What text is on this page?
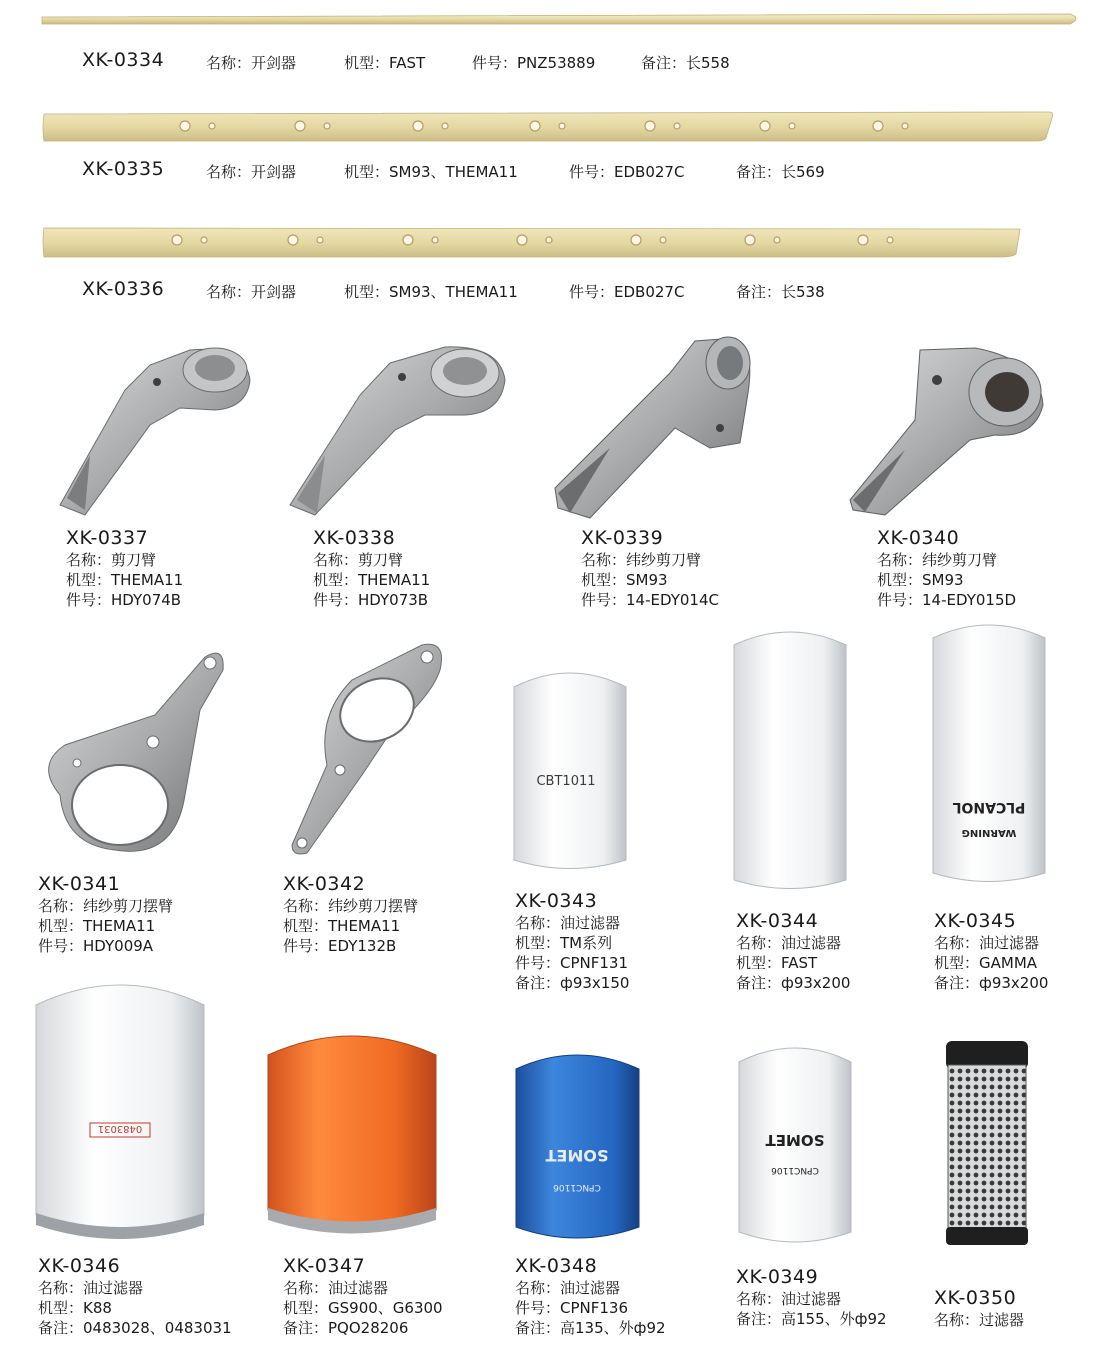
XK-0334	名称：开剑器	机型：FAST	件号：PNZ53889	备注：长558
XK-0335	名称：开剑器	机型：SM93、THEMA11	件号：EDB027C	备注：长569
XK-0336	名称：开剑器	机型：SM93、THEMA11	件号：EDB027C	备注：长538
XK-0337
名称：剪刀臂
机型：THEMA11
件号：HDY074B
XK-0338
名称：剪刀臂
机型：THEMA11
件号：HDY073B
XK-0339
名称：纬纱剪刀臂
机型：SM93
件号：14-EDY014C
XK-0340
名称：纬纱剪刀臂
机型：SM93
件号：14-EDY015D
CBT1011
PLCANOL
WARNING
XK-0341
名称：纬纱剪刀摆臂
机型：THEMA11
件号：HDY009A
XK-0342
名称：纬纱剪刀摆臂
机型：THEMA11
件号：EDY132B
XK-0343
名称：油过滤器
机型：TM系列
件号：CPNF131
备注：ф93x150
XK-0344
名称：油过滤器
机型：FAST
备注：ф93x200
XK-0345
名称：油过滤器
机型：GAMMA
备注：ф93x200
0483031
SOMET
CPNC1106
SOMET
CPNC1106
XK-0346
名称：油过滤器
机型：K88
备注：0483028、0483031
XK-0347
名称：油过滤器
机型：GS900、G6300
备注：PQO28206
XK-0348
名称：油过滤器
件号：CPNF136
备注：高135、外ф92
XK-0349
名称：油过滤器
备注：高155、外ф92
XK-0350
名称：过滤器
